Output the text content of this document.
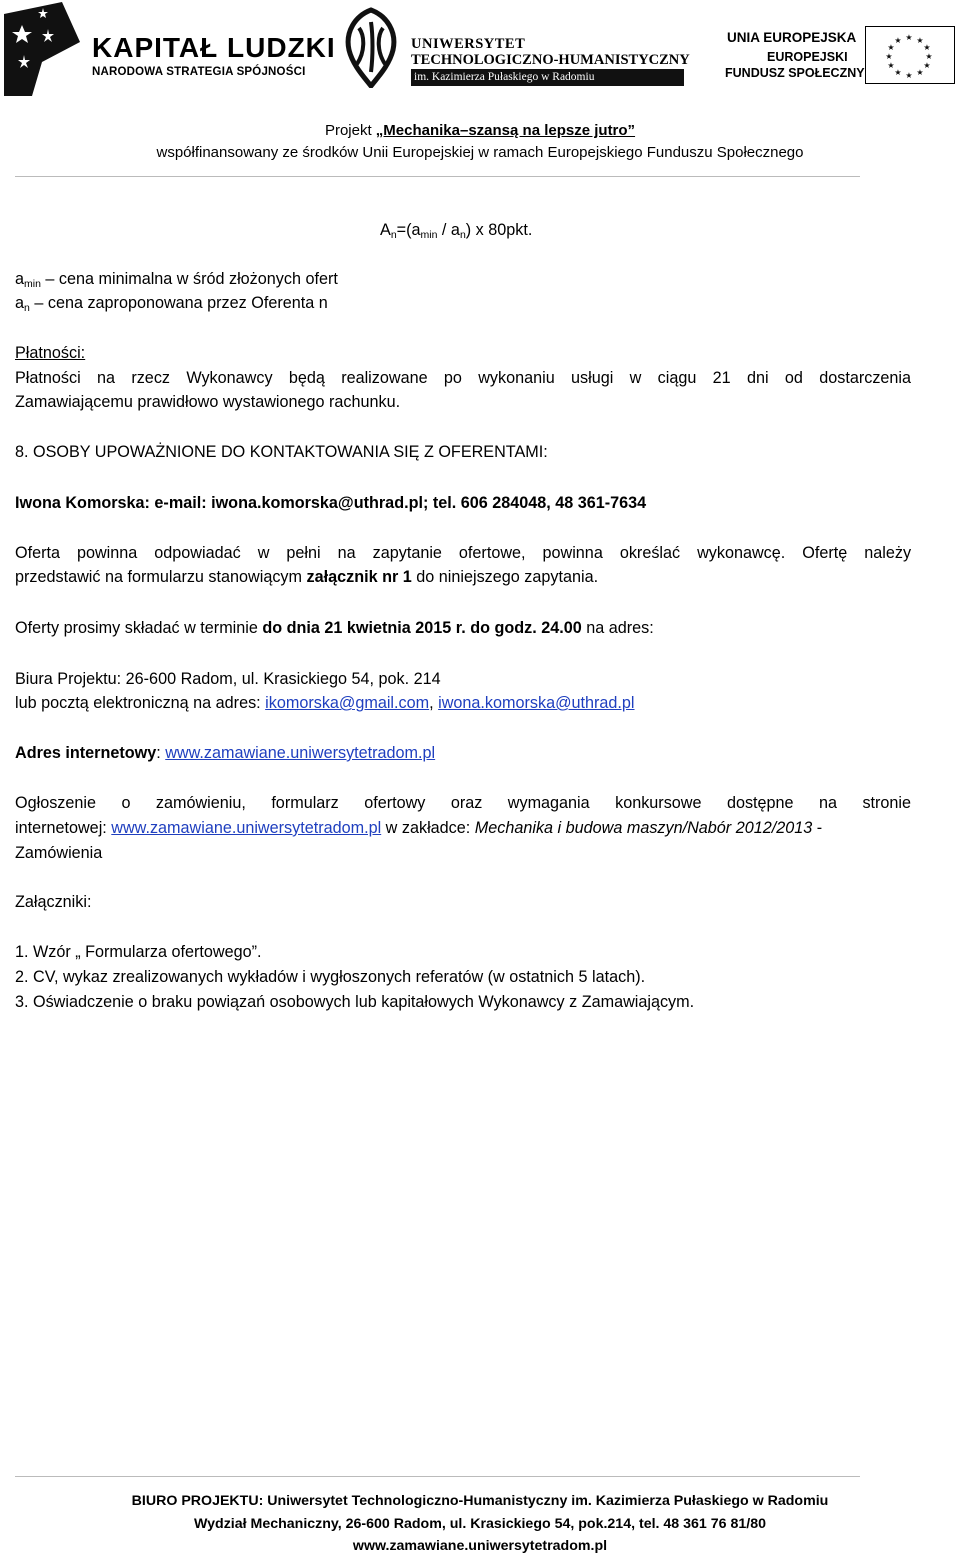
KAPITAŁ LUDZKI
NARODOWA STRATEGIA SPÓJNOŚCI
UNIWERSYTET
TECHNOLOGICZNO-HUMANISTYCZNY
im. Kazimierza Pułaskiego w Radomiu
UNIA EUROPEJSKA
EUROPEJSKI
FUNDUSZ SPOŁECZNY
★ ★
★
★
★
★
★
★
★
★
★
★
Projekt „Mechanika–szansą na lepsze jutro”
współfinansowany ze środków Unii Europejskiej w ramach Europejskiego Funduszu Społecznego
$A_n=(a_{min} / a_n)$ x 80pkt.
$a_{min}$ – cena minimalna w śród złożonych ofert
$a_n$ – cena zaproponowana przez Oferenta n
Płatności:
Płatności na rzecz Wykonawcy będą realizowane po wykonaniu usługi w ciągu 21 dni od dostarczenia
Zamawiającemu prawidłowo wystawionego rachunku.
8. OSOBY UPOWAŻNIONE DO KONTAKTOWANIA SIĘ Z OFERENTAMI:
Iwona Komorska: e-mail: iwona.komorska@uthrad.pl; tel. 606 284048, 48 361-7634
Oferta powinna odpowiadać w pełni na zapytanie ofertowe, powinna określać wykonawcę. Ofertę należy
przedstawić na formularzu stanowiącym załącznik nr 1 do niniejszego zapytania.
Oferty prosimy składać w terminie do dnia 21 kwietnia 2015 r. do godz. 24.00 na adres:
Biura Projektu: 26-600 Radom, ul. Krasickiego 54, pok. 214
lub pocztą elektroniczną na adres: ikomorska@gmail.com, iwona.komorska@uthrad.pl
Adres internetowy: www.zamawiane.uniwersytetradom.pl
Ogłoszenie o zamówieniu, formularz ofertowy oraz wymagania konkursowe dostępne na stronie
internetowej: www.zamawiane.uniwersytetradom.pl w zakładce: Mechanika i budowa maszyn/Nabór 2012/2013 -
Zamówienia
Załączniki:
1. Wzór „ Formularza ofertowego”.
2. CV, wykaz zrealizowanych wykładów i wygłoszonych referatów (w ostatnich 5 latach).
3. Oświadczenie o braku powiązań osobowych lub kapitałowych Wykonawcy z Zamawiającym.
BIURO PROJEKTU: Uniwersytet Technologiczno-Humanistyczny im. Kazimierza Pułaskiego w Radomiu
Wydział Mechaniczny, 26-600 Radom, ul. Krasickiego 54, pok.214, tel. 48 361 76 81/80
www.zamawiane.uniwersytetradom.pl
